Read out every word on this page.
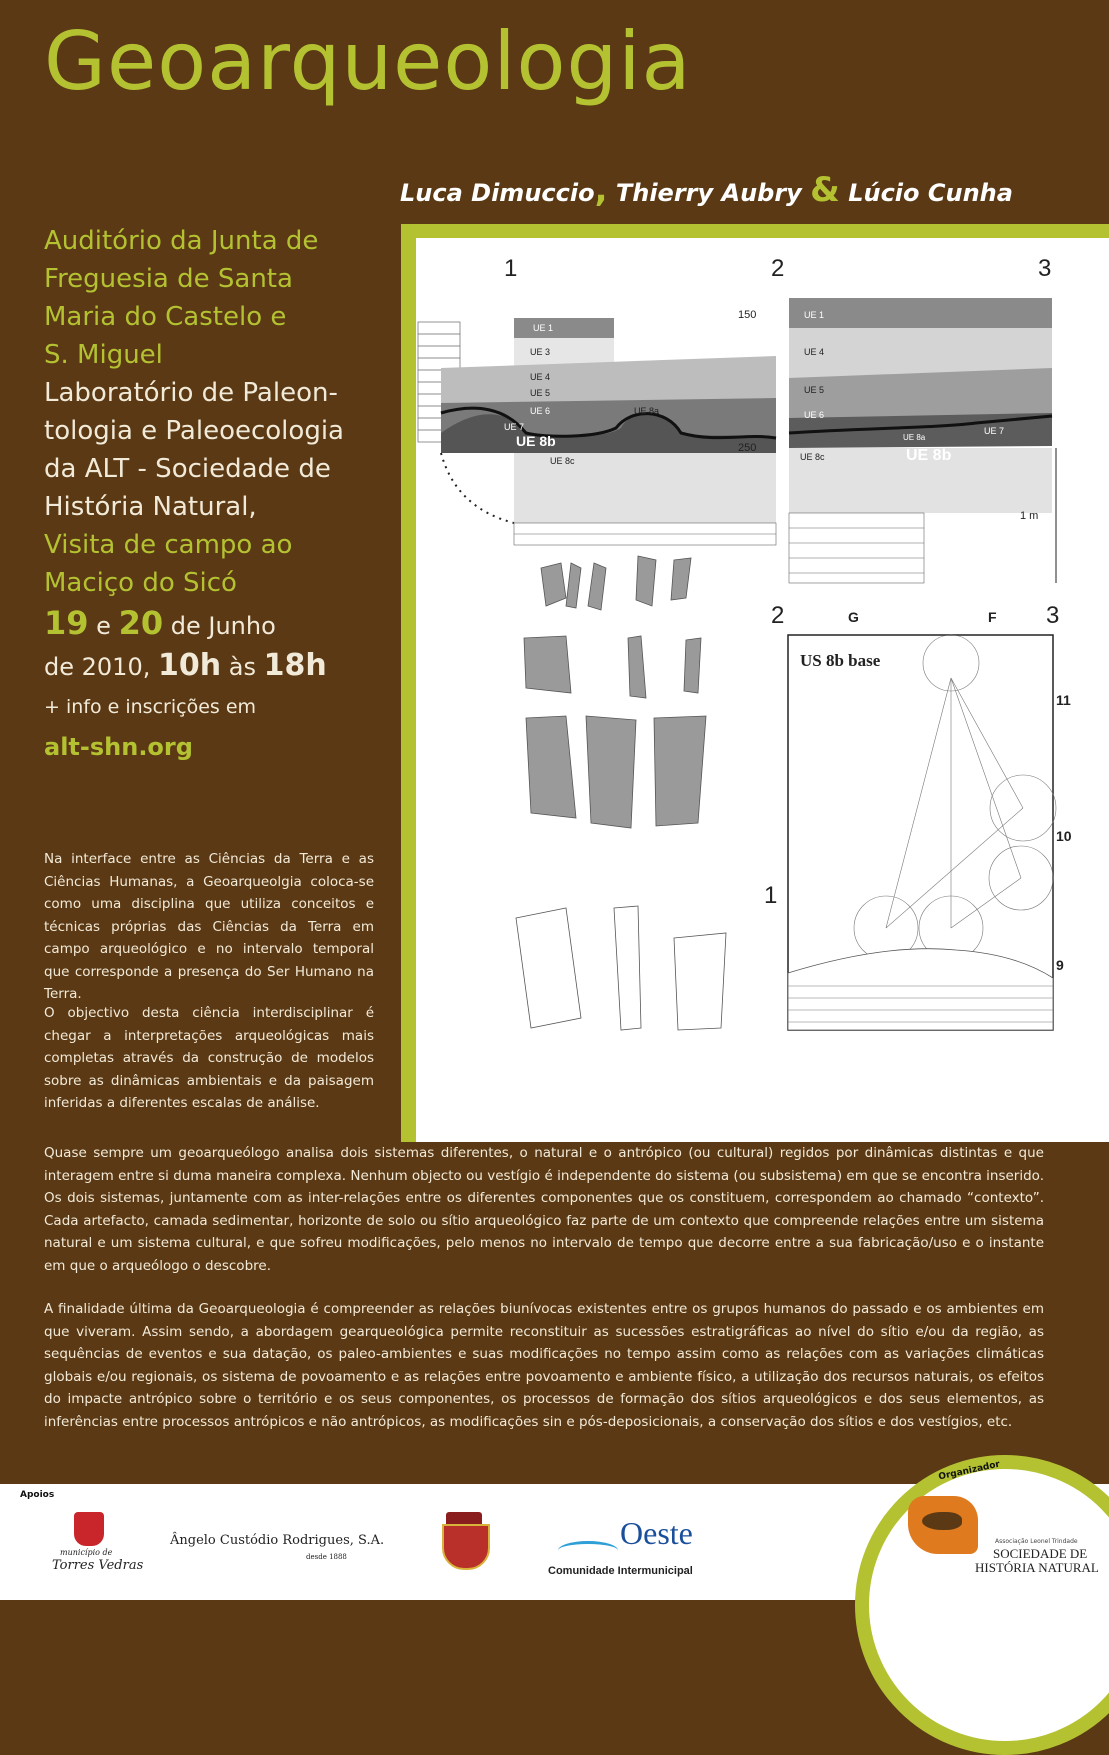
Geoarqueologia
Luca Dimuccio, Thierry Aubry & Lúcio Cunha
Auditório da Junta de
Freguesia de Santa
Maria do Castelo e
S. Miguel
Laboratório de Paleon-
tologia e Paleoecologia
da ALT - Sociedade de
História Natural,
Visita de campo ao
Maciço do Sicó
19 e 20 de Junho
de 2010, 10h às 18h
+ info e inscrições em
alt-shn.org
Na interface entre as Ciências da Terra e as Ciências Humanas, a Geoarqueolgia coloca-se como uma disciplina que utiliza conceitos e técnicas próprias das Ciências da Terra em campo arqueológico e no intervalo temporal que corresponde a presença do Ser Humano na Terra.
O objectivo desta ciência interdisciplinar é chegar a interpretações arqueológicas mais completas através da construção de modelos sobre as dinâmicas ambientais e da paisagem inferidas a diferentes escalas de análise.
1	2	3
UE 1
UE 2
UE 3
UE 4
UE 5
UE 6
UE 7
UE 8b
UE 8a
UE 8c
150
250
UE 1
UE 4
UE 5
UE 6
UE 7
UE 8c	UE 8b
UE 8a
1 m
2	3
G	F
US 8b base
11
10
9
1
Quase sempre um geoarqueólogo analisa dois sistemas diferentes, o natural e o antrópico (ou cultural) regidos por dinâmicas distintas e que interagem entre si duma maneira complexa. Nenhum objecto ou vestígio é independente do sistema (ou subsistema) em que se encontra inserido. Os dois sistemas, juntamente com as inter-relações entre os diferentes componentes que os constituem, correspondem ao chamado “contexto”. Cada artefacto, camada sedimentar, horizonte de solo ou sítio arqueológico faz parte de um contexto que compreende relações entre um sistema natural e um sistema cultural, e que sofreu modificações, pelo menos no intervalo de tempo que decorre entre a sua fabricação/uso e o instante em que o arqueólogo o descobre.
A finalidade última da Geoarqueologia é compreender as relações biunívocas existentes entre os grupos humanos do passado e os ambientes em que viveram. Assim sendo, a abordagem gearqueológica permite reconstituir as sucessões estratigráficas ao nível do sítio e/ou da região, as sequências de eventos e sua datação, os paleo-ambientes e suas modificações no tempo assim como as relações com as variações climáticas globais e/ou regionais, os sistema de povoamento e as relações entre povoamento e ambiente físico, a utilização dos recursos naturais, os efeitos do impacte antrópico sobre o território e os seus componentes, os processos de formação dos sítios arqueológicos e dos seus elementos, as inferências entre processos antrópicos e não antrópicos, as modificações sin e pós-deposicionais, a conservação dos sítios e dos vestígios, etc.
Apoios
município de
Torres Vedras
Ângelo Custódio Rodrigues, S.A.
desde 1888
Oeste
Comunidade Intermunicipal
Organizador
Associação Leonel Trindade
SOCIEDADE DE
HISTÓRIA NATURAL
